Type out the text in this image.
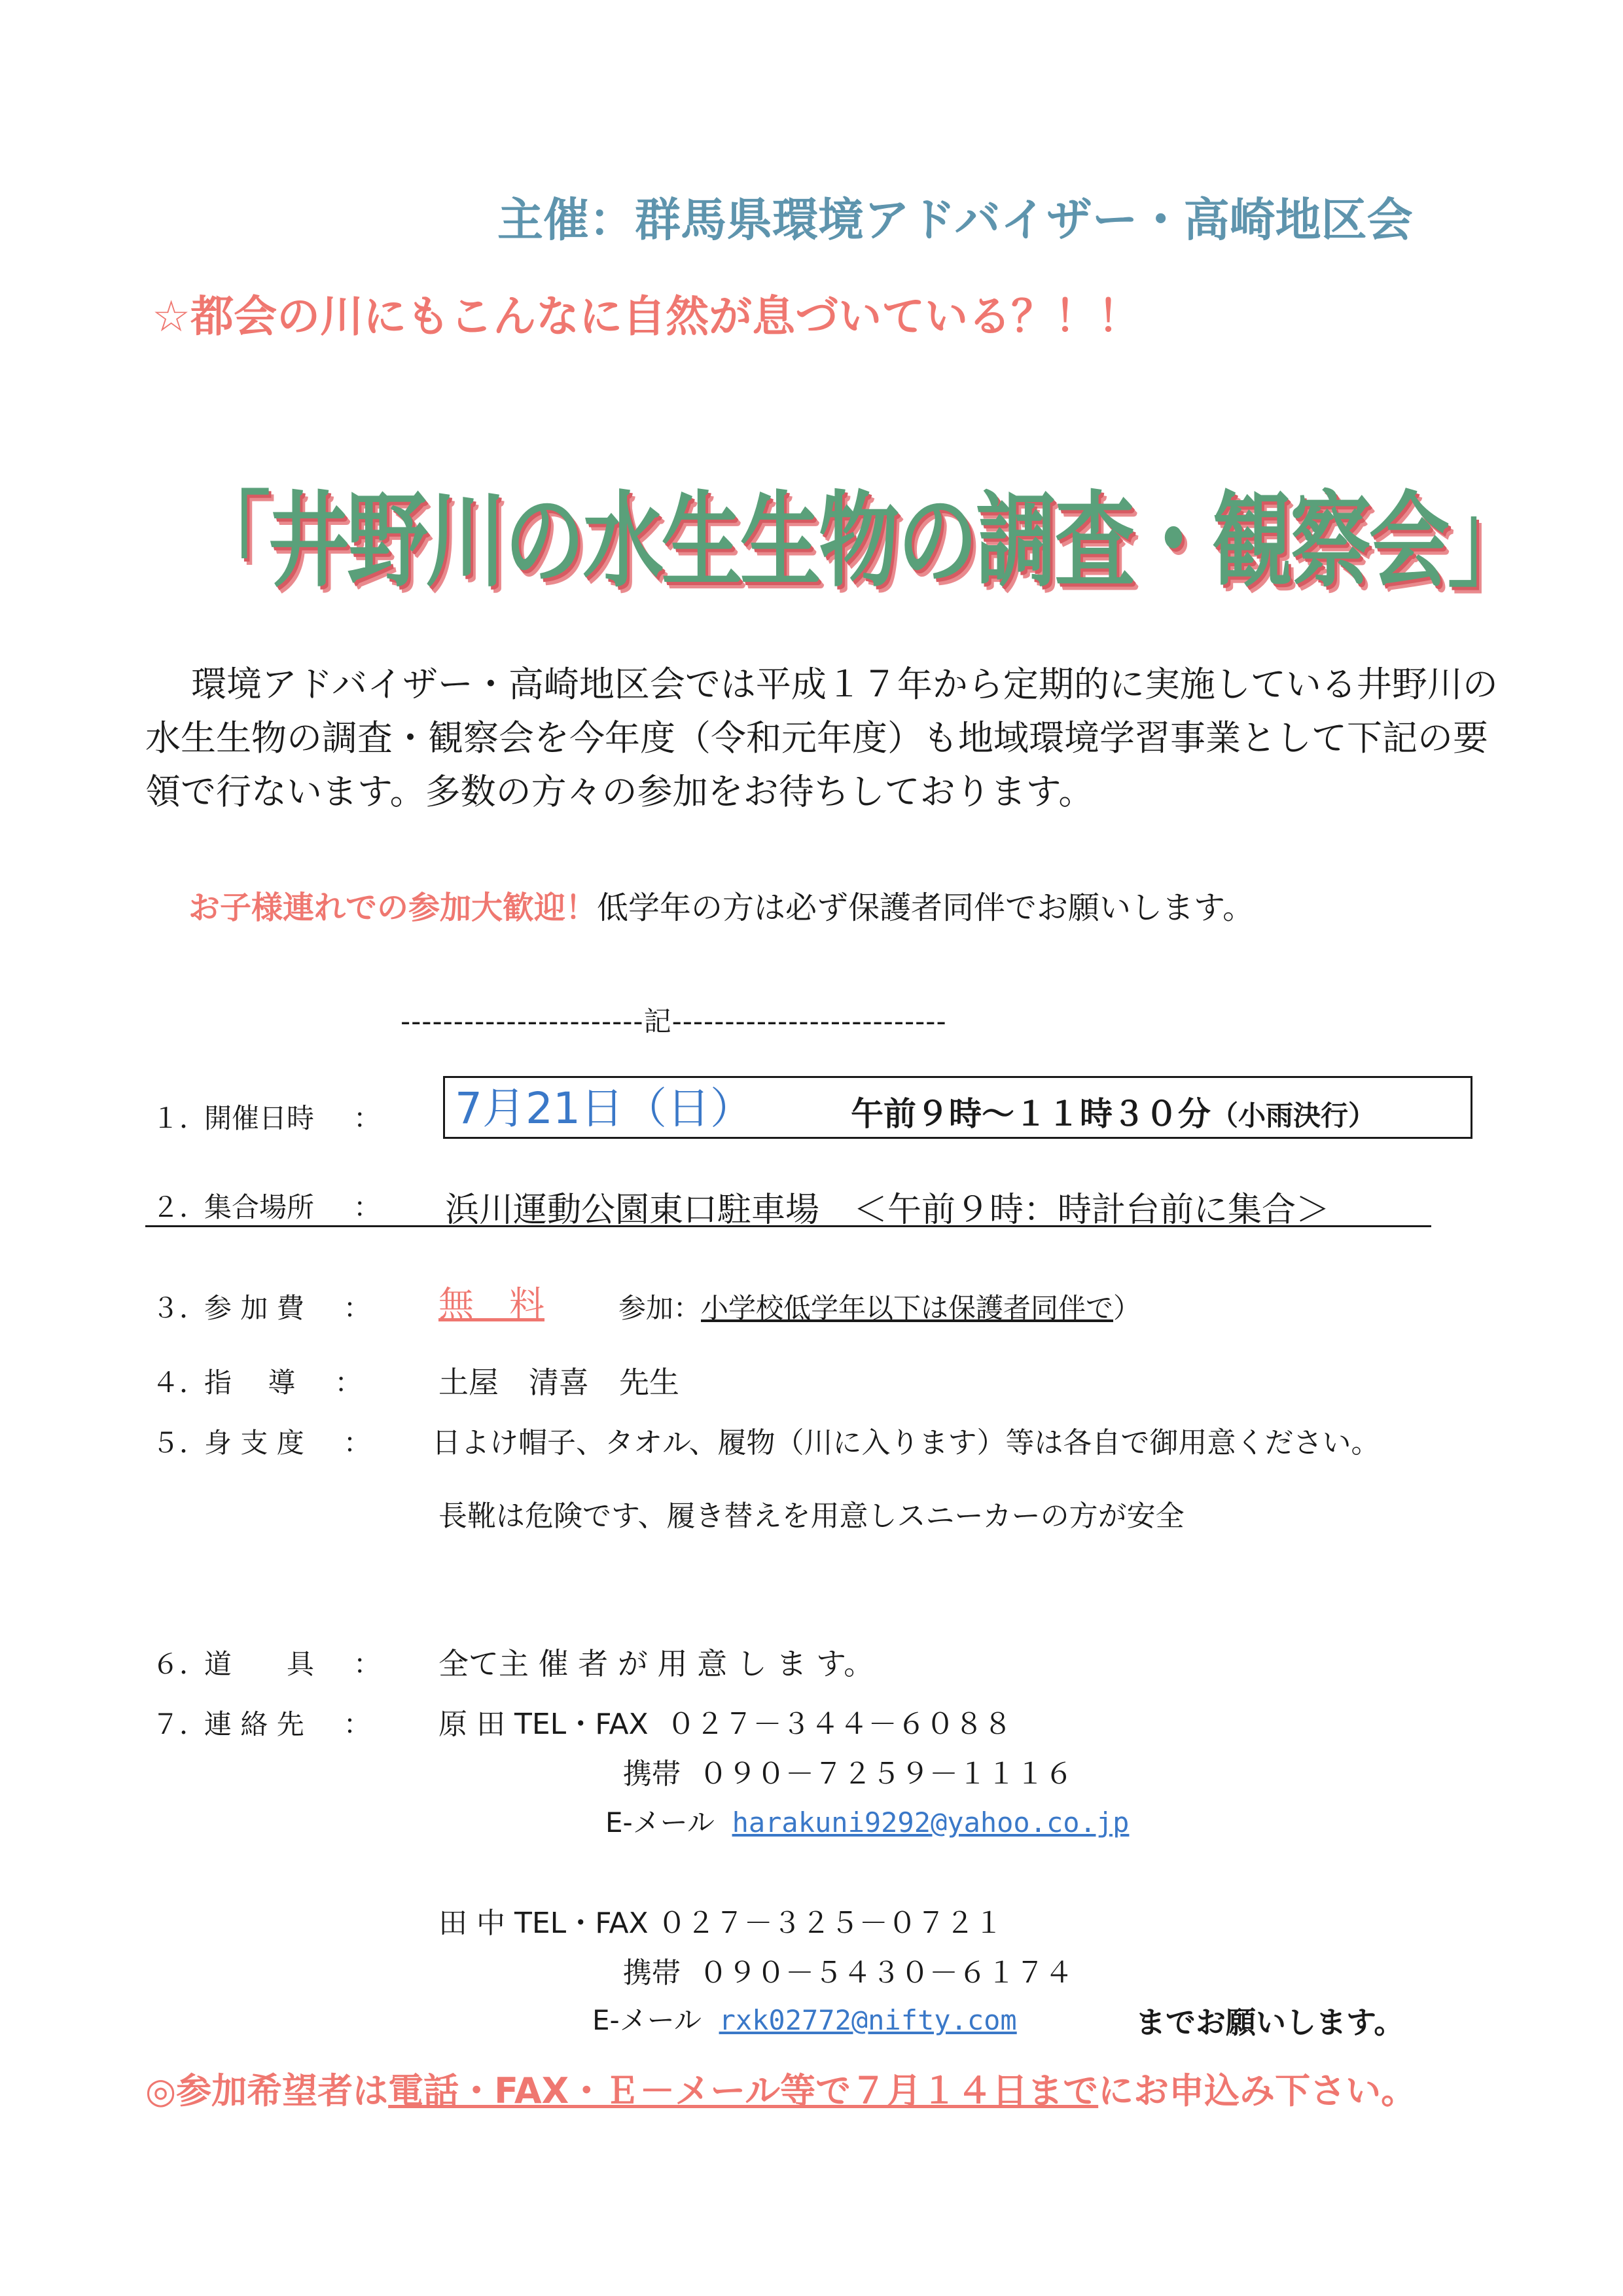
主催：群馬県環境アドバイザー・高崎地区会
☆都会の川にもこんなに自然が息づいている？！！
「井野川の水生生物の調査・観察会」
環境アドバイザー・高崎地区会では平成１７年から定期的に実施している井野川の水生生物の調査・観察会を今年度（令和元年度）も地域環境学習事業として下記の要領で行ないます。多数の方々の参加をお待ちしております。
お子様連れでの参加大歓迎！低学年の方は必ず保護者同伴でお願いします。
-----------------------記--------------------------
１．開催日時 ： 7月21日（日）	午前９時～１１時３０分（小雨決行）
２．集合場所 ： 浜川運動公園東口駐車場　＜午前９時：時計台前に集合＞
３．参 加 費 ： 無　料	参加：小学校低学年以下は保護者同伴で）
４．指　 導 ：	土屋　清喜　先生
５．身 支 度 ： 日よけ帽子、タオル、履物（川に入ります）等は各自で御用意ください。
長靴は危険です、履き替えを用意しスニーカーの方が安全
６．道　　具 ： 全て主 催 者 が 用 意 し ま す。
７．連 絡 先 ： 原 田 TEL・FAX ０２７－３４４－６０８８
携帯 ０９０－７２５９－１１１６
E-メール harakuni9292@yahoo.co.jp
田 中 TEL・FAX ０２７－３２５－０７２１
携帯 ０９０－５４３０－６１７４
E-メール rxk02772@nifty.com	までお願いします。
◎参加希望者は電話・FAX・Ｅ－メール等で７月１４日までにお申込み下さい。
